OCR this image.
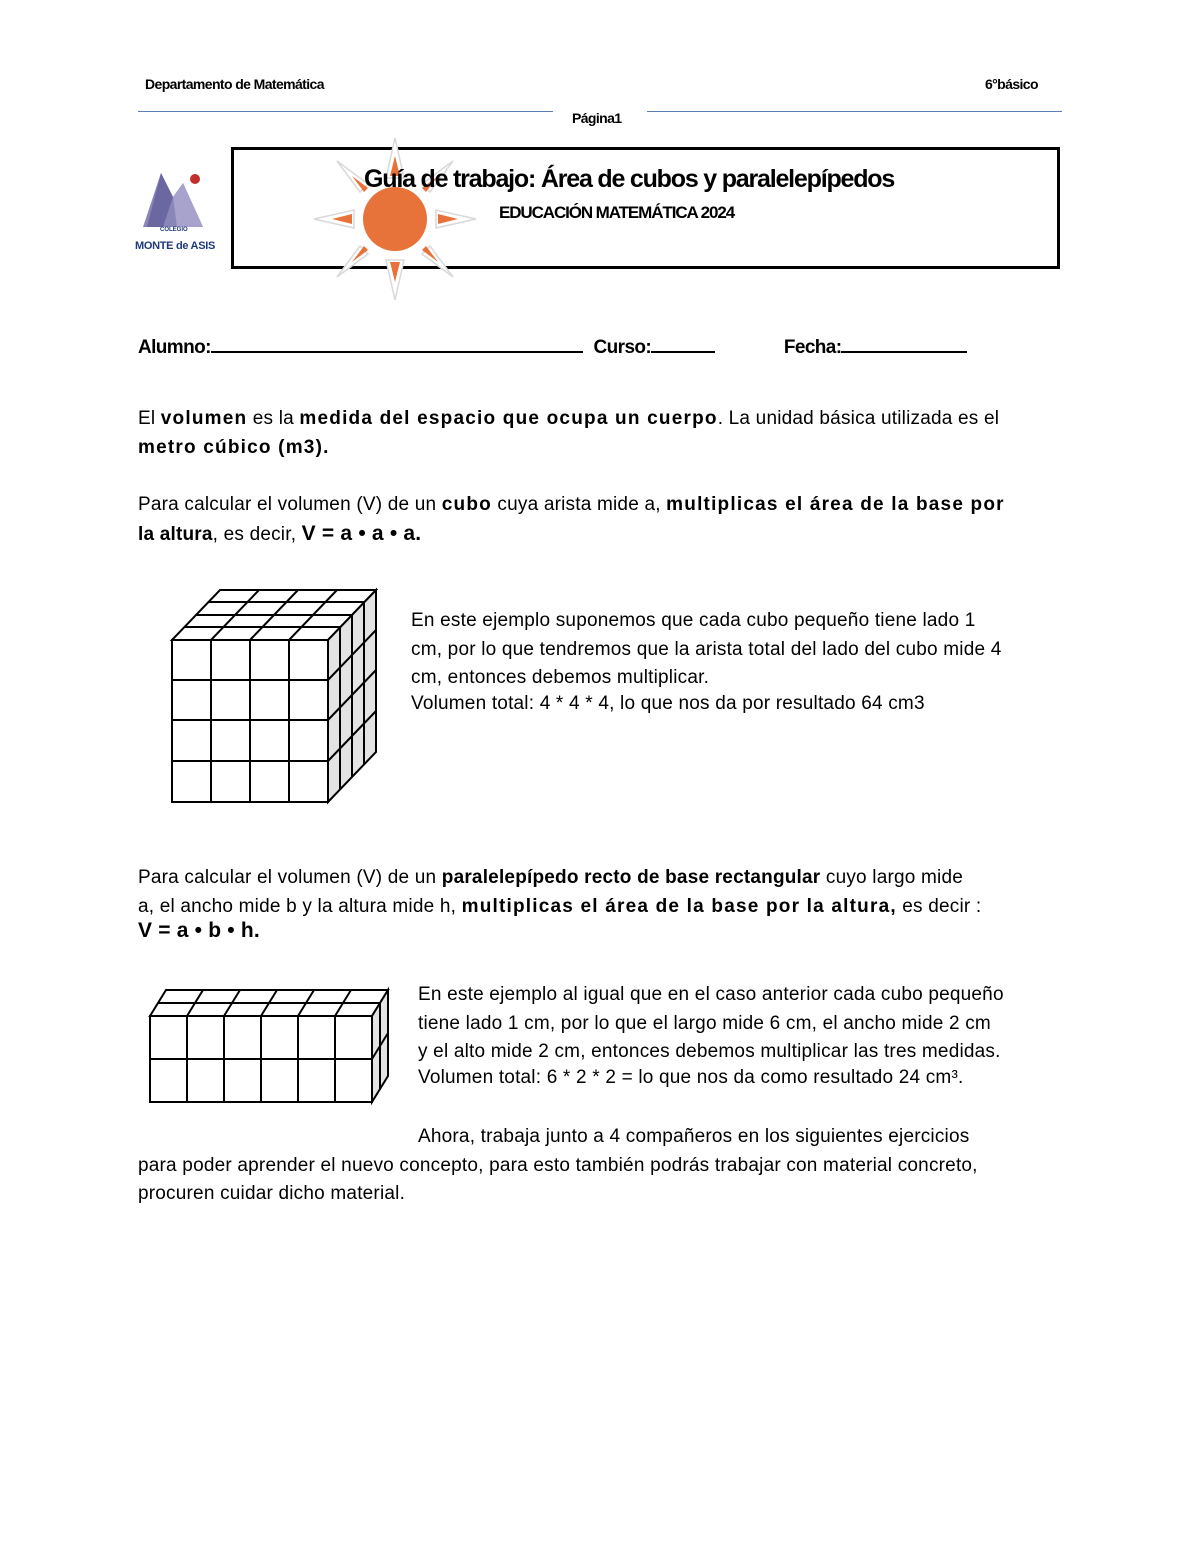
Departamento de Matemática	6°básico
Página1
COLEGIO
MONTE de ASIS
Guía de trabajo: Área de cubos y paralelepípedos
EDUCACIÓN MATEMÁTICA 2024
Alumno:	Curso:	Fecha:
El volumen es la medida del espacio que ocupa un cuerpo. La unidad básica utilizada es el
metro cúbico (m3).
Para calcular el volumen (V) de un cubo cuya arista mide a, multiplicas el área de la base por
la altura, es decir, V = a • a • a.
En este ejemplo suponemos que cada cubo pequeño tiene lado 1
cm, por lo que tendremos que la arista total del lado del cubo mide 4
cm, entonces debemos multiplicar.
Volumen total: 4 * 4 * 4, lo que nos da por resultado 64 cm3
Para calcular el volumen (V) de un paralelepípedo recto de base rectangular cuyo largo mide
a, el ancho mide b y la altura mide h, multiplicas el área de la base por la altura, es decir :
V = a • b • h.
En este ejemplo al igual que en el caso anterior cada cubo pequeño
tiene lado 1 cm, por lo que el largo mide 6 cm, el ancho mide 2 cm
y el alto mide 2 cm, entonces debemos multiplicar las tres medidas.
Volumen total: 6 * 2 * 2 = lo que nos da como resultado 24 cm³.
Ahora, trabaja junto a 4 compañeros en los siguientes ejercicios
para poder aprender el nuevo concepto, para esto también podrás trabajar con material concreto,
procuren cuidar dicho material.
